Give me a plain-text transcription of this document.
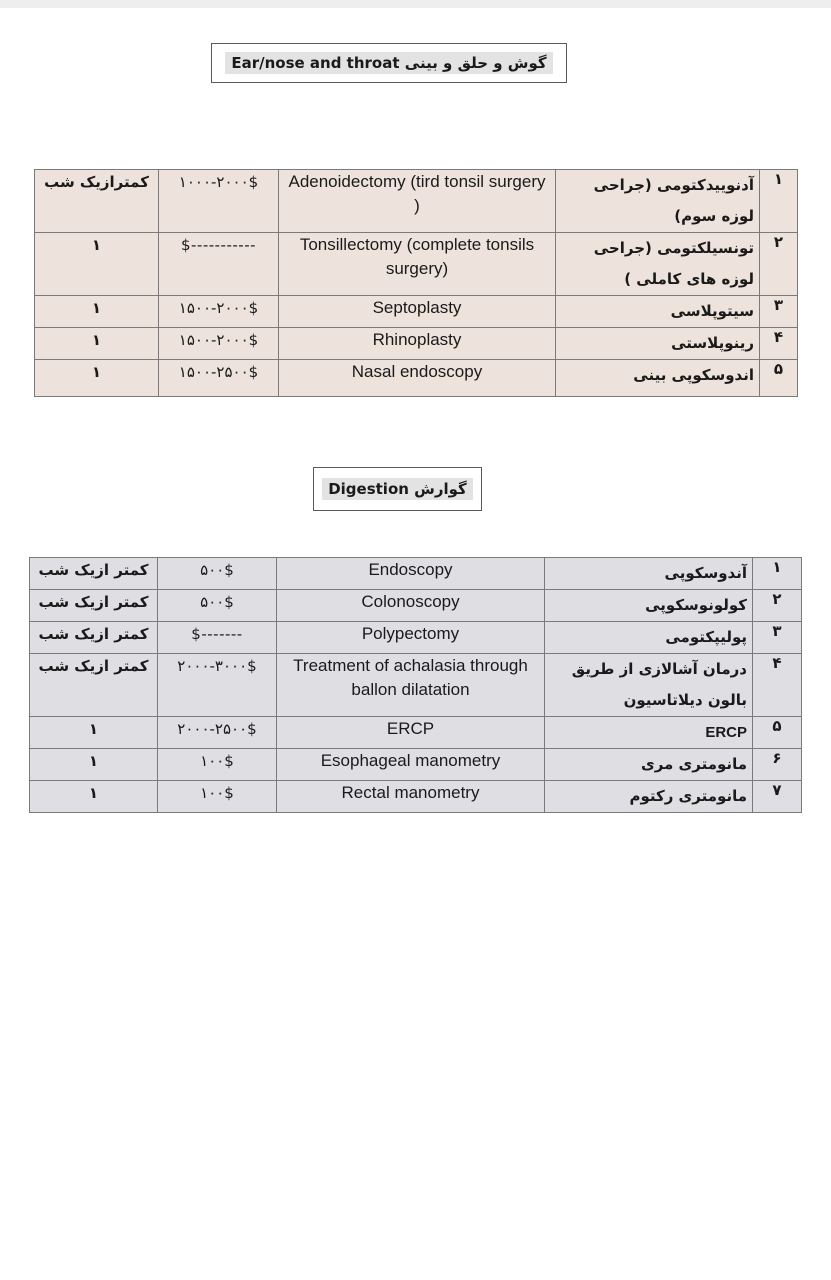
گوش و حلق و بینی Ear/nose and throat
کمترازیک شب	۱۰۰۰-۲۰۰۰$	Adenoidectomy (tird tonsil surgery )	آدنوییدکتومی (جراحی لوزه سوم)	۱
۱	-----------$	Tonsillectomy (complete tonsils surgery)	تونسیلکتومی (جراحی لوزه های کاملی )	۲
۱	۱۵۰۰-۲۰۰۰$	Septoplasty	سیتوپلاسی	۳
۱	۱۵۰۰-۲۰۰۰$	Rhinoplasty	رینوپلاستی	۴
۱	۱۵۰۰-۲۵۰۰$	Nasal endoscopy	اندوسکوپی بینی	۵
گوارش Digestion
کمتر ازیک شب	۵۰۰$	Endoscopy	آندوسکوپی	۱
کمتر ازیک شب	۵۰۰$	Colonoscopy	کولونوسکوپی	۲
کمتر ازیک شب	-------$	Polypectomy	پولیپکتومی	۳
کمتر ازیک شب	۲۰۰۰-۳۰۰۰$	Treatment of achalasia through ballon dilatation	درمان آشالازی از طریق بالون دیلاتاسیون	۴
۱	۲۰۰۰-۲۵۰۰$	ERCP	ERCP	۵
۱	۱۰۰$	Esophageal manometry	مانومتری مری	۶
۱	۱۰۰$	Rectal manometry	مانومتری رکتوم	۷
